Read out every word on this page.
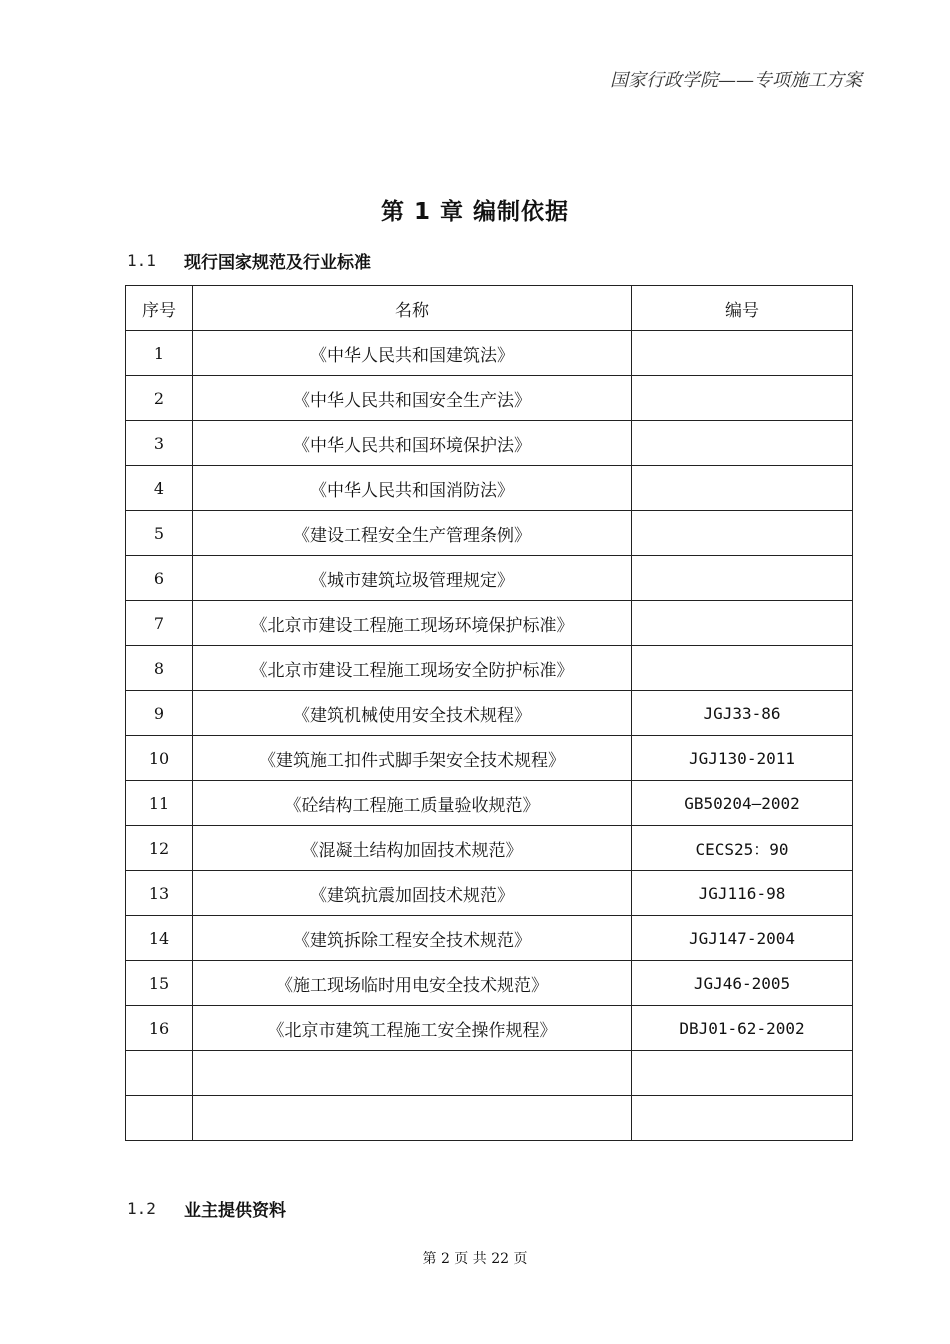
国家行政学院——专项施工方案
第 1 章 编制依据
1.1	现行国家规范及行业标准
序号	名称	编号
1	《中华人民共和国建筑法》	
2	《中华人民共和国安全生产法》	
3	《中华人民共和国环境保护法》	
4	《中华人民共和国消防法》	
5	《建设工程安全生产管理条例》	
6	《城市建筑垃圾管理规定》	
7	《北京市建设工程施工现场环境保护标准》	
8	《北京市建设工程施工现场安全防护标准》	
9	《建筑机械使用安全技术规程》	JGJ33-86
10	《建筑施工扣件式脚手架安全技术规程》	JGJ130-2011
11	《砼结构工程施工质量验收规范》	GB50204—2002
12	《混凝土结构加固技术规范》	CECS25：90
13	《建筑抗震加固技术规范》	JGJ116-98
14	《建筑拆除工程安全技术规范》	JGJ147-2004
15	《施工现场临时用电安全技术规范》	JGJ46-2005
16	《北京市建筑工程施工安全操作规程》	DBJ01-62-2002

1.2	业主提供资料
第 2 页 共 22 页
